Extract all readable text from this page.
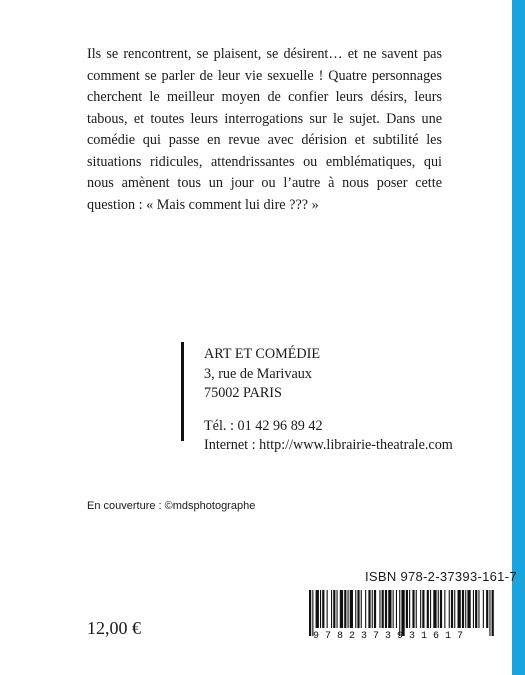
Ils se rencontrent, se plaisent, se désirent… et ne savent pas comment se parler de leur vie sexuelle ! Quatre personnages cherchent le meilleur moyen de confier leurs désirs, leurs tabous, et toutes leurs interrogations sur le sujet. Dans une comédie qui passe en revue avec dérision et subtilité les situations ridicules, attendrissantes ou emblématiques, qui nous amènent tous un jour ou l’autre à nous poser cette question : « Mais comment lui dire ??? »

ART ET COMÉDIE
3, rue de Marivaux
75002 PARIS
Tél. : 01 42 96 89 42
Internet : http://www.librairie-theatrale.com
En couverture : ©mdsphotographe
ISBN 978-2-37393-161-7
9 7 8 2 3 7 3 9 3 1 6 1 7
12,00 €
